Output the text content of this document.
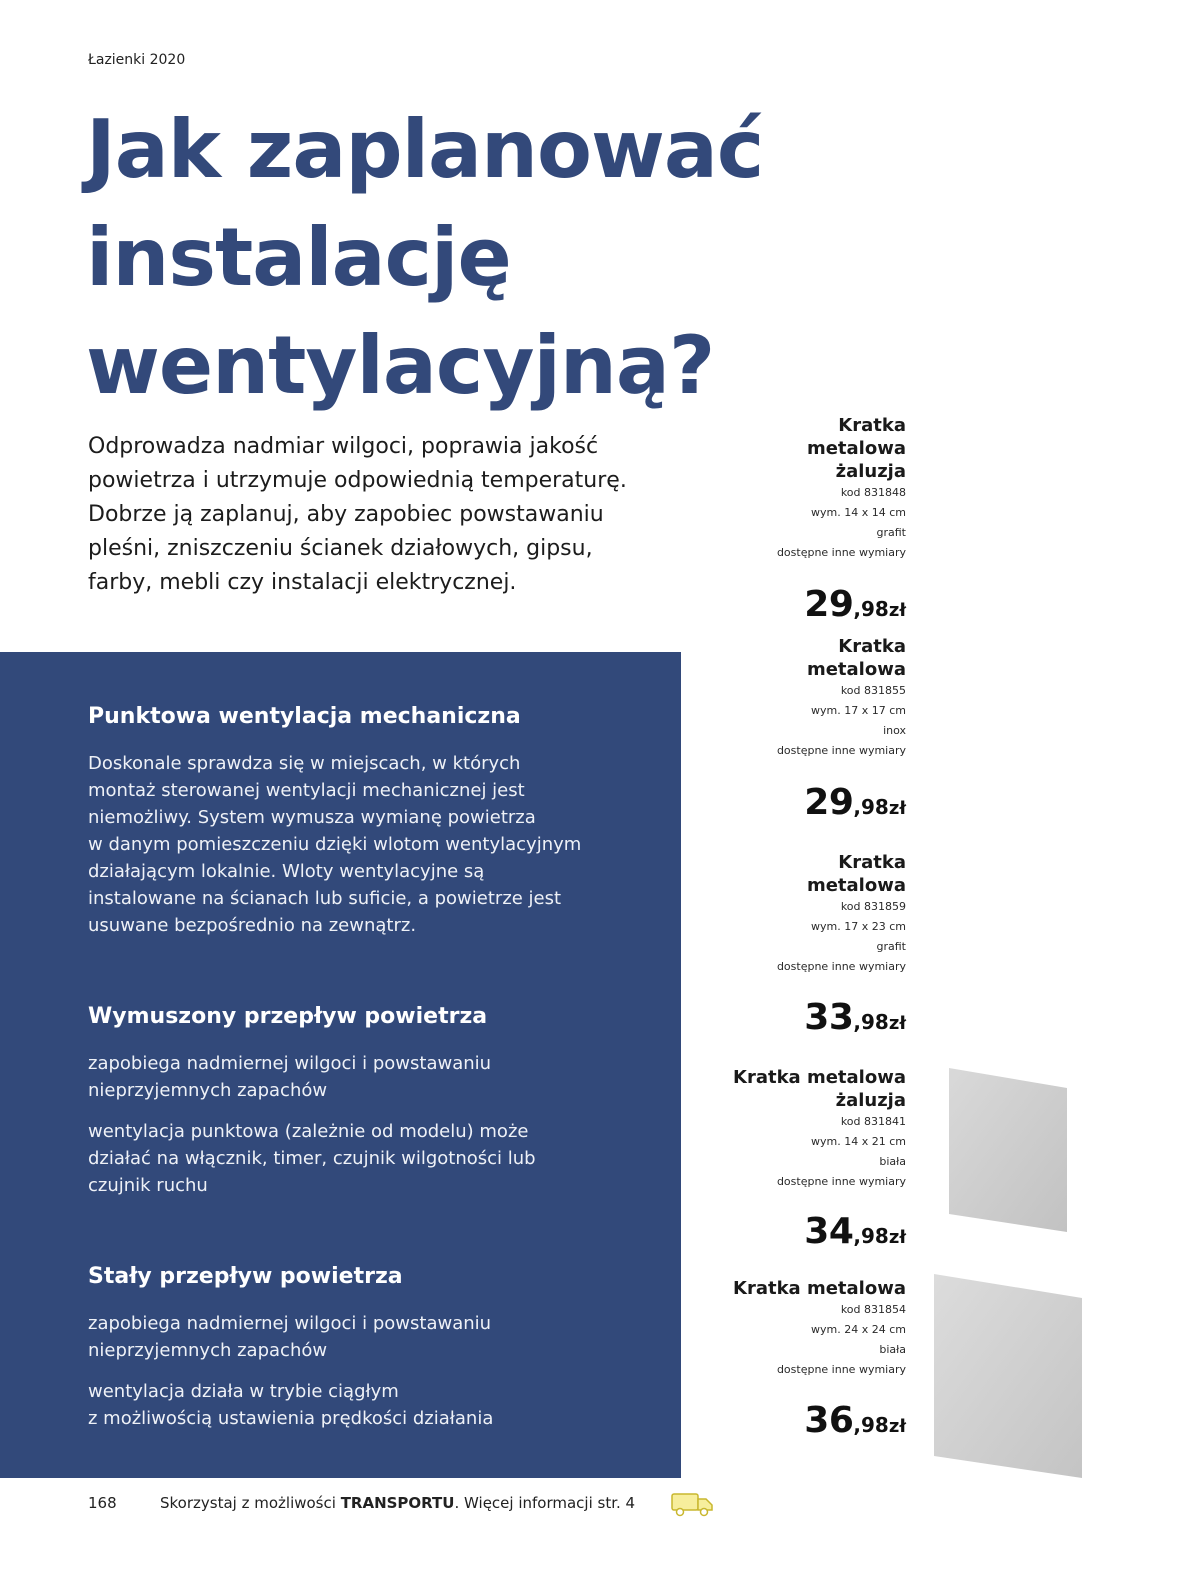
Łazienki 2020
Jak zaplanować
instalację
wentylacyjną?

Odprowadza nadmiar wilgoci, poprawia jakość
powietrza i utrzymuje odpowiednią temperaturę.
Dobrze ją zaplanuj, aby zapobiec powstawaniu
pleśni, zniszczeniu ścianek działowych, gipsu,
farby, mebli czy instalacji elektrycznej.

Punktowa wentylacja mechaniczna

Doskonale sprawdza się w miejscach, w których
montaż sterowanej wentylacji mechanicznej jest
niemożliwy. System wymusza wymianę powietrza
w danym pomieszczeniu dzięki wlotom wentylacyjnym
działającym lokalnie. Wloty wentylacyjne są
instalowane na ścianach lub suficie, a powietrze jest
usuwane bezpośrednio na zewnątrz.

Wymuszony przepływ powietrza

zapobiega nadmiernej wilgoci i powstawaniu
nieprzyjemnych zapachów

wentylacja punktowa (zależnie od modelu) może
działać na włącznik, timer, czujnik wilgotności lub
czujnik ruchu

Stały przepływ powietrza

zapobiega nadmiernej wilgoci i powstawaniu
nieprzyjemnych zapachów

wentylacja działa w trybie ciągłym
z możliwością ustawienia prędkości działania

Kratka
metalowa
żaluzja
kod 831848
wym. 14 x 14 cm
grafit
dostępne inne wymiary
29,98zł
Kratka
metalowa
kod 831855
wym. 17 x 17 cm
inox
dostępne inne wymiary
29,98zł
Kratka
metalowa
kod 831859
wym. 17 x 23 cm
grafit
dostępne inne wymiary
33,98zł
Kratka metalowa
żaluzja
kod 831841
wym. 14 x 21 cm
biała
dostępne inne wymiary
34,98zł
Kratka metalowa
kod 831854
wym. 24 x 24 cm
biała
dostępne inne wymiary
36,98zł
168	Skorzystaj z możliwości TRANSPORTU. Więcej informacji str. 4
